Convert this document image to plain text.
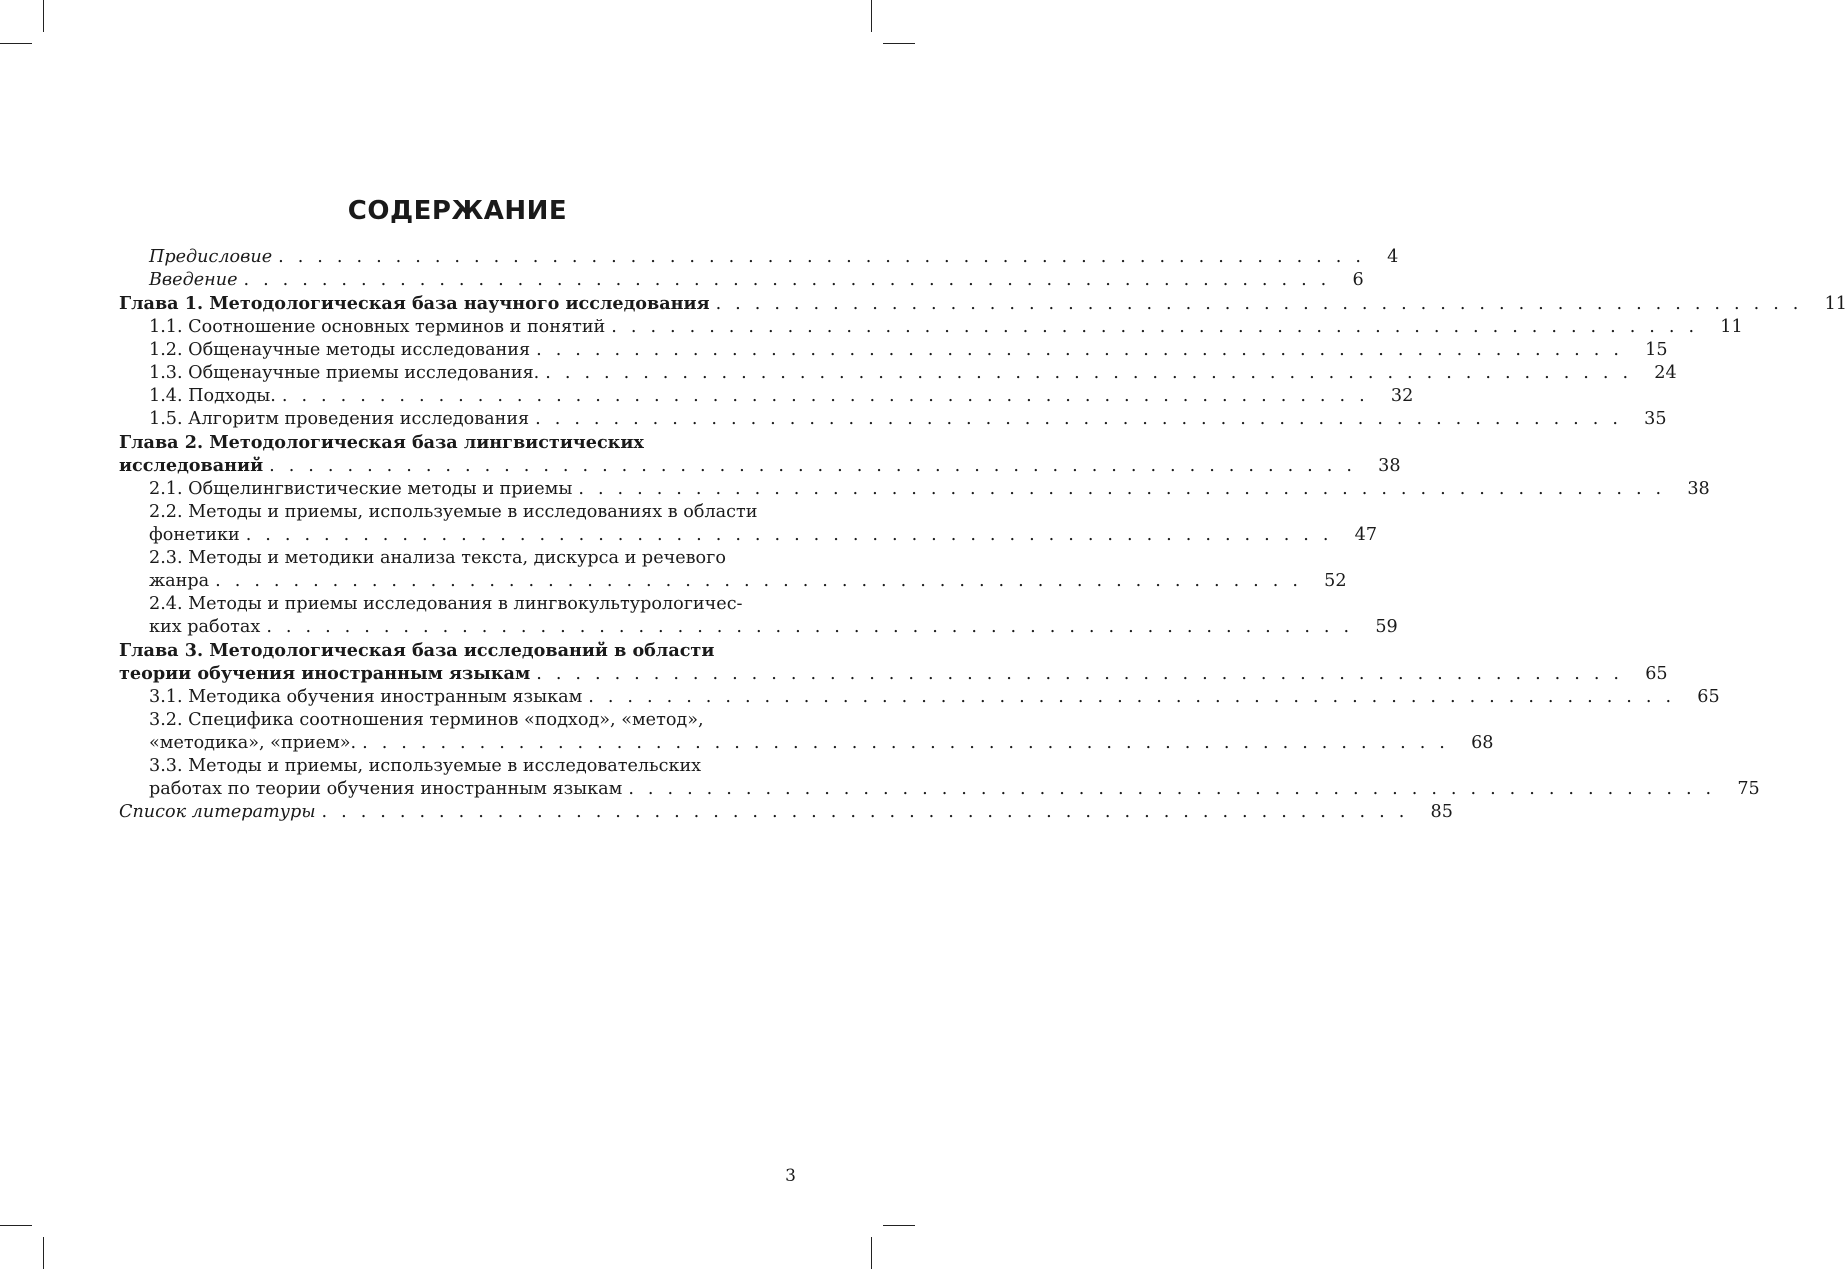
СОДЕРЖАНИЕ
Предисловие . . . . . . . . . . . . . . . . . . . . . . . . . . . . . . . . . . . . . . . . . . . . . . . . . . . . . . . . 4
Введение . . . . . . . . . . . . . . . . . . . . . . . . . . . . . . . . . . . . . . . . . . . . . . . . . . . . . . . . 6
Глава 1. Методологическая база научного исследования . . . . . . . . . . . . . . . . . . . . . . . . . . . . . . . . . . . . . . . . . . . . . . . . . . . . . . . . 11
1.1. Соотношение основных терминов и понятий . . . . . . . . . . . . . . . . . . . . . . . . . . . . . . . . . . . . . . . . . . . . . . . . . . . . . . . . 11
1.2. Общенаучные методы исследования . . . . . . . . . . . . . . . . . . . . . . . . . . . . . . . . . . . . . . . . . . . . . . . . . . . . . . . . 15
1.3. Общенаучные приемы исследования. . . . . . . . . . . . . . . . . . . . . . . . . . . . . . . . . . . . . . . . . . . . . . . . . . . . . . . . . 24
1.4. Подходы. . . . . . . . . . . . . . . . . . . . . . . . . . . . . . . . . . . . . . . . . . . . . . . . . . . . . . . . . 32
1.5. Алгоритм проведения исследования . . . . . . . . . . . . . . . . . . . . . . . . . . . . . . . . . . . . . . . . . . . . . . . . . . . . . . . . 35
Глава 2. Методологическая база лингвистических
исследований . . . . . . . . . . . . . . . . . . . . . . . . . . . . . . . . . . . . . . . . . . . . . . . . . . . . . . . . 38
2.1. Общелингвистические методы и приемы . . . . . . . . . . . . . . . . . . . . . . . . . . . . . . . . . . . . . . . . . . . . . . . . . . . . . . . . 38
2.2. Методы и приемы, используемые в исследованиях в области
фонетики . . . . . . . . . . . . . . . . . . . . . . . . . . . . . . . . . . . . . . . . . . . . . . . . . . . . . . . . 47
2.3. Методы и методики анализа текста, дискурса и речевого
жанра . . . . . . . . . . . . . . . . . . . . . . . . . . . . . . . . . . . . . . . . . . . . . . . . . . . . . . . . 52
2.4. Методы и приемы исследования в лингвокультурологичес-
ких работах . . . . . . . . . . . . . . . . . . . . . . . . . . . . . . . . . . . . . . . . . . . . . . . . . . . . . . . . 59
Глава 3. Методологическая база исследований в области
теории обучения иностранным языкам . . . . . . . . . . . . . . . . . . . . . . . . . . . . . . . . . . . . . . . . . . . . . . . . . . . . . . . . 65
3.1. Методика обучения иностранным языкам . . . . . . . . . . . . . . . . . . . . . . . . . . . . . . . . . . . . . . . . . . . . . . . . . . . . . . . . 65
3.2. Специфика соотношения терминов «подход», «метод»,
«методика», «прием». . . . . . . . . . . . . . . . . . . . . . . . . . . . . . . . . . . . . . . . . . . . . . . . . . . . . . . . . 68
3.3. Методы и приемы, используемые в исследовательских
работах по теории обучения иностранным языкам . . . . . . . . . . . . . . . . . . . . . . . . . . . . . . . . . . . . . . . . . . . . . . . . . . . . . . . . 75
Список литературы . . . . . . . . . . . . . . . . . . . . . . . . . . . . . . . . . . . . . . . . . . . . . . . . . . . . . . . . 85
3
